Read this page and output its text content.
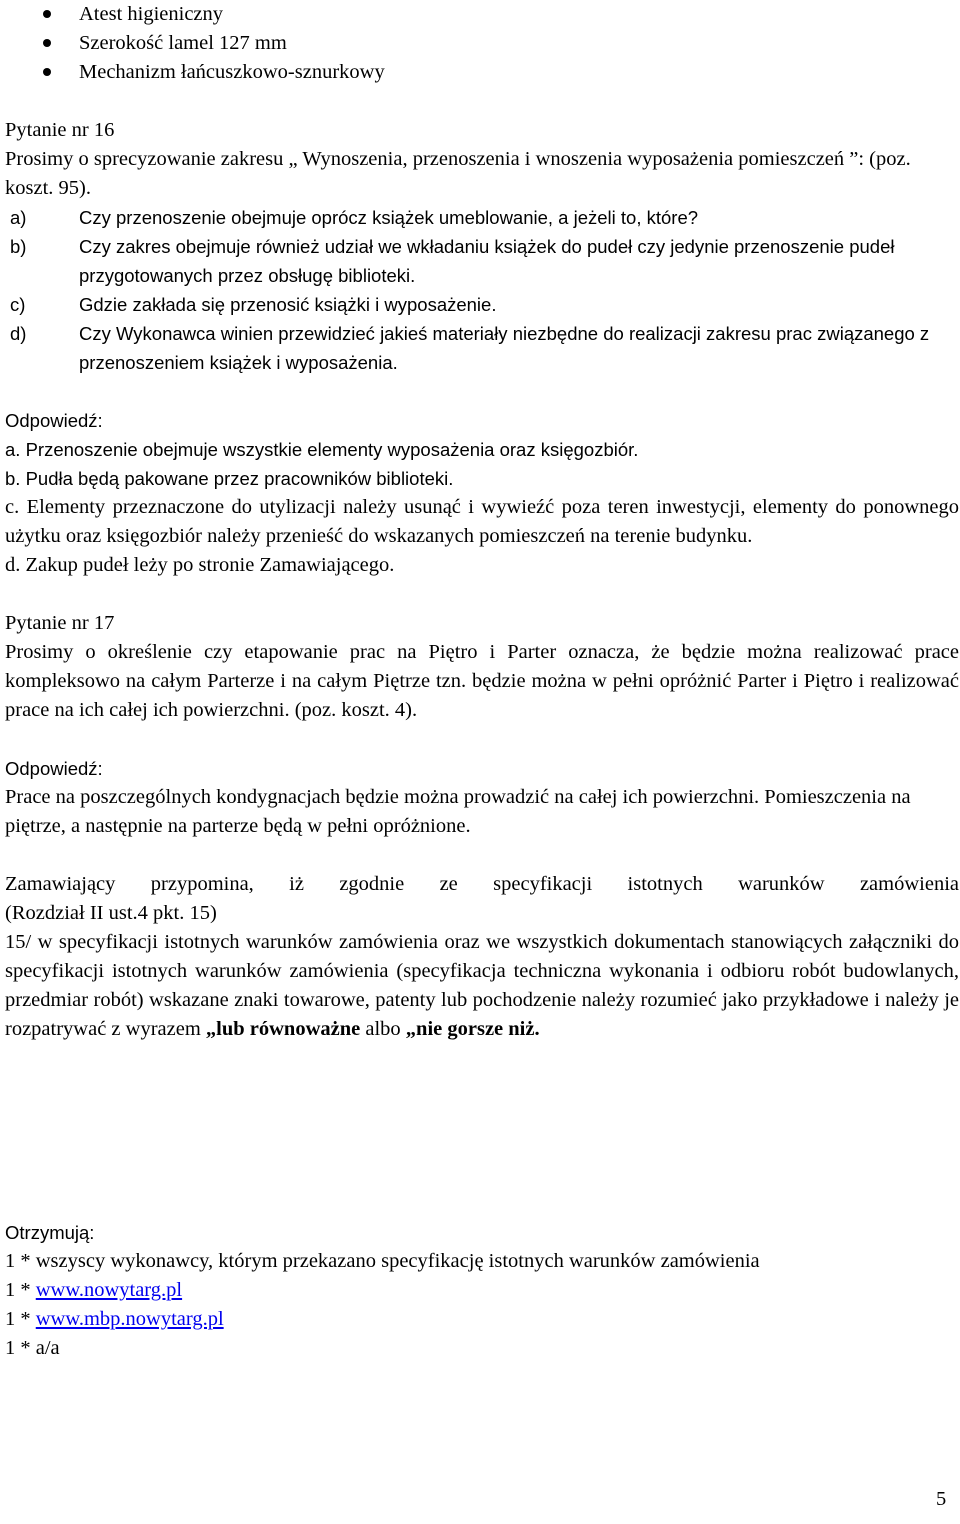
Atest higieniczny
Szerokość lamel 127 mm
Mechanizm łańcuszkowo-sznurkowy

Pytanie nr 16

Prosimy o sprecyzowanie zakresu „ Wynoszenia, przenoszenia i wnoszenia wyposażenia pomieszczeń ”: (poz. koszt. 95).

a)	Czy przenoszenie obejmuje oprócz książek umeblowanie, a jeżeli to, które?
b)	Czy zakres obejmuje również udział we wkładaniu książek do pudeł czy jedynie przenoszenie pudeł przygotowanych przez obsługę biblioteki.
c)	Gdzie zakłada się przenosić książki i wyposażenie.
d)	Czy Wykonawca winien przewidzieć jakieś materiały niezbędne do realizacji zakresu prac związanego z przenoszeniem książek i wyposażenia.

Odpowiedź:

a. Przenoszenie obejmuje wszystkie elementy wyposażenia oraz księgozbiór.

b. Pudła będą pakowane przez pracowników biblioteki.

c. Elementy przeznaczone do utylizacji należy usunąć i wywieźć poza teren inwestycji, elementy do ponownego użytku oraz księgozbiór należy przenieść do wskazanych pomieszczeń na terenie budynku.

d. Zakup pudeł leży po stronie Zamawiającego.

Pytanie nr 17

Prosimy o określenie czy etapowanie prac na Piętro i Parter oznacza, że będzie można realizować prace kompleksowo na całym Parterze i na całym Piętrze tzn. będzie można w pełni opróżnić Parter i Piętro i realizować prace na ich całej ich powierzchni. (poz. koszt. 4).

Odpowiedź:

Prace na poszczególnych kondygnacjach będzie można prowadzić na całej ich powierzchni. Pomieszczenia na piętrze, a następnie na parterze będą w pełni opróżnione.

Zamawiający przypomina, iż zgodnie ze specyfikacji istotnych warunków zamówienia

(Rozdział II ust.4 pkt. 15)

15/ w specyfikacji istotnych warunków zamówienia oraz we wszystkich dokumentach stanowiących załączniki do specyfikacji istotnych warunków zamówienia (specyfikacja techniczna wykonania i odbioru robót budowlanych, przedmiar robót) wskazane znaki towarowe, patenty lub pochodzenie należy rozumieć jako przykładowe i należy je rozpatrywać z wyrazem „lub równoważne albo „nie gorsze niż.

Otrzymują:

1 * wszyscy wykonawcy, którym przekazano specyfikację istotnych warunków zamówienia

1 * www.nowytarg.pl

1 * www.mbp.nowytarg.pl

1 * a/a

5
